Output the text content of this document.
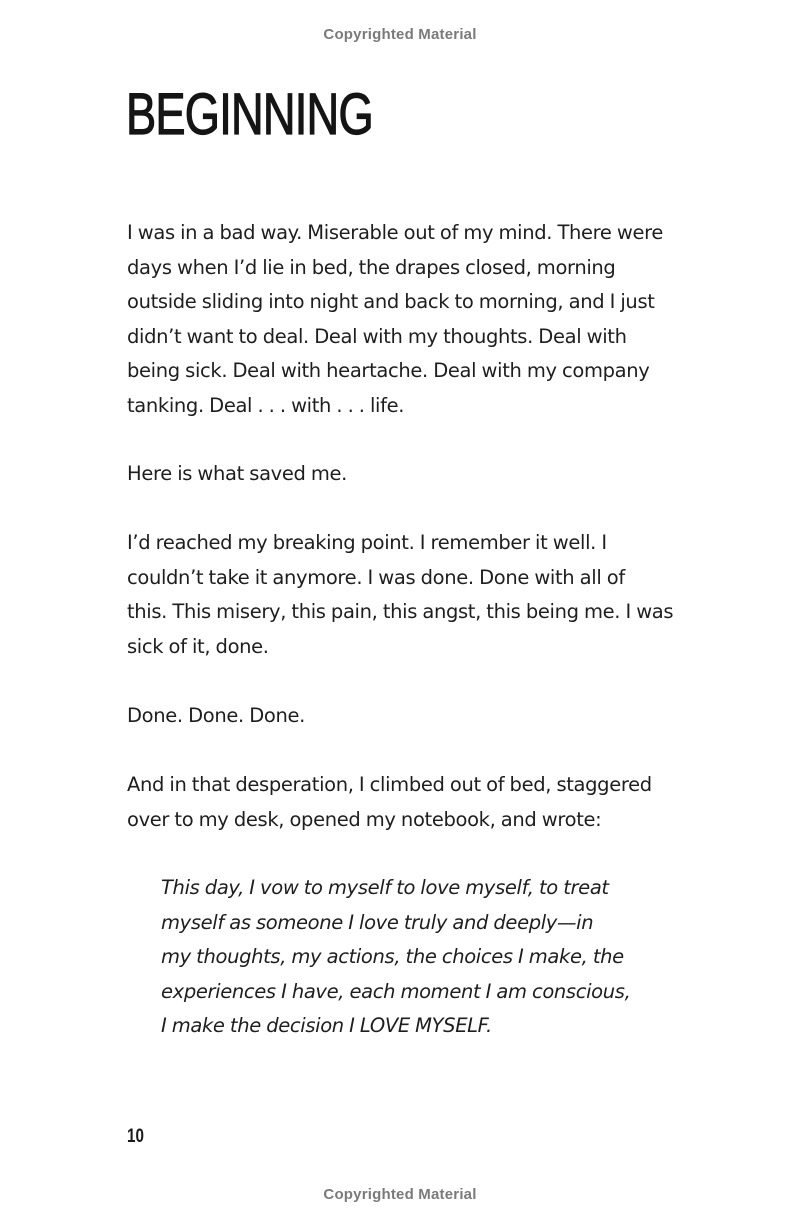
Copyrighted Material
BEGINNING

I was in a bad way. Miserable out of my mind. There were
days when I’d lie in bed, the drapes closed, morning
outside sliding into night and back to morning, and I just
didn’t want to deal. Deal with my thoughts. Deal with
being sick. Deal with heartache. Deal with my company
tanking. Deal . . . with . . . life.

Here is what saved me.

I’d reached my breaking point. I remember it well. I
couldn’t take it anymore. I was done. Done with all of
this. This misery, this pain, this angst, this being me. I was
sick of it, done.

Done. Done. Done.

And in that desperation, I climbed out of bed, staggered
over to my desk, opened my notebook, and wrote:

This day, I vow to myself to love myself, to treat
myself as someone I love truly and deeply—in
my thoughts, my actions, the choices I make, the
experiences I have, each moment I am conscious,
I make the decision I LOVE MYSELF.
10
Copyrighted Material
